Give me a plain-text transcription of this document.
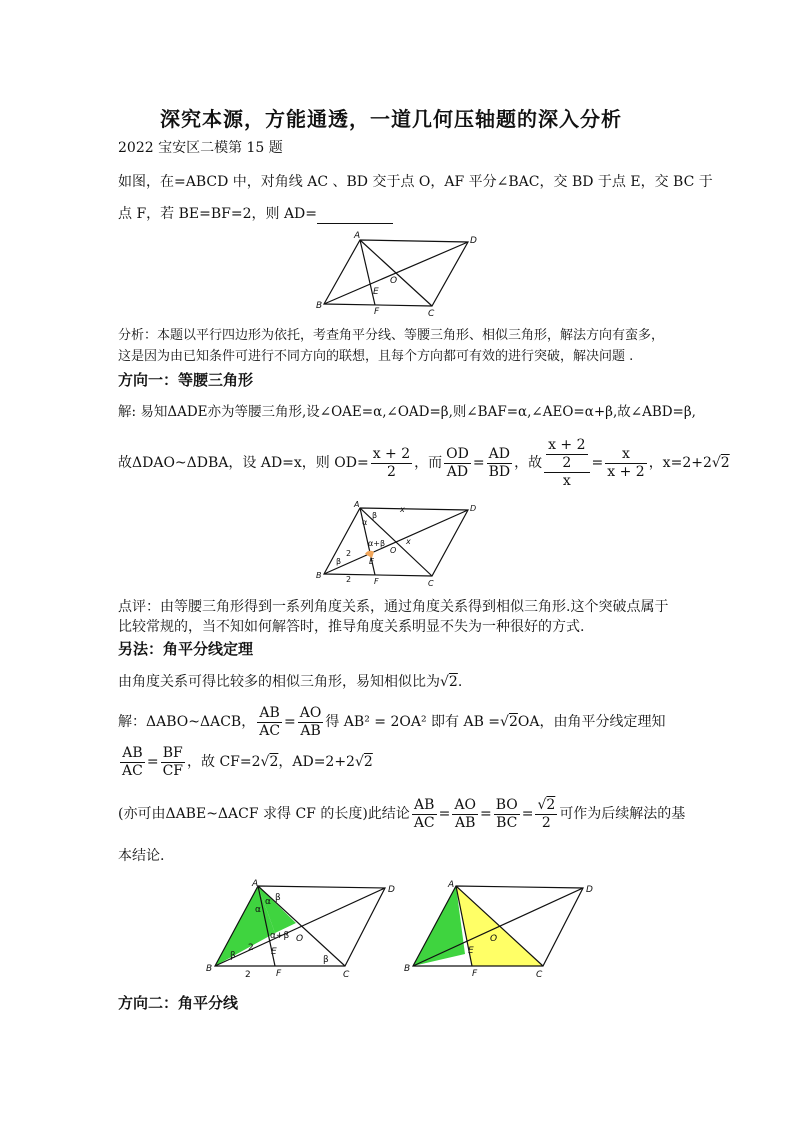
深究本源，方能通透，一道几何压轴题的深入分析
2022 宝安区二模第 15 题
如图，在=ABCD 中，对角线 AC 、BD 交于点 O，AF 平分∠BAC，交 BD 于点 E，交 BC 于
点 F，若 BE=BF=2，则 AD=
A
B
C
D
O
E
F
分析：本题以平行四边形为依托，考查角平分线、等腰三角形、相似三角形，解法方向有蛮多，
这是因为由已知条件可进行不同方向的联想，且每个方向都可有效的进行突破，解决问题 .
方向一：等腰三角形
解: 易知ΔADE亦为等腰三角形,设∠OAE=α,∠OAD=β,则∠BAF=α,∠AEO=α+β,故∠ABD=β,
故ΔDAO~ΔDBA，设 AD=x，则 $OD= \frac{x + 2}{2}$ ，而 $\frac{OD}{AD} = \frac{AD}{BD}$ ，故 $\frac{\frac{x + 2}{2}}{x} = \frac{x}{x + 2}$ ，x=2+2 √ 2
A
B
C
D
O
E
F
α
β
α+β
x
x
β
2
2
点评：由等腰三角形得到一系列角度关系，通过角度关系得到相似三角形.这个突破点属于
比较常规的，当不知如何解答时，推导角度关系明显不失为一种很好的方式.
另法：角平分线定理
由角度关系可得比较多的相似三角形，易知相似比为√2.
解：ΔABO~ΔACB， $\frac{AB}{AC} = \frac{AO}{AB}$ 得 AB² = 2OA² 即有 AB = √ 2 OA，由角平分线定理知
$\frac{AB}{AC} = \frac{BF}{CF}$ ，故 CF=2 √ 2 ，AD=2+2 √ 2
(亦可由ΔABE~ΔACF 求得 CF 的长度)此结论 $\frac{AB}{AC} = \frac{AO}{AB} = \frac{BO}{BC} = \frac{√2}{2}$ 可作为后续解法的基
本结论.
A
B
C
D
O
E
F
α
α β
α+β
β
2
2
β
A
B
C
D
O
E
F
方向二：角平分线
